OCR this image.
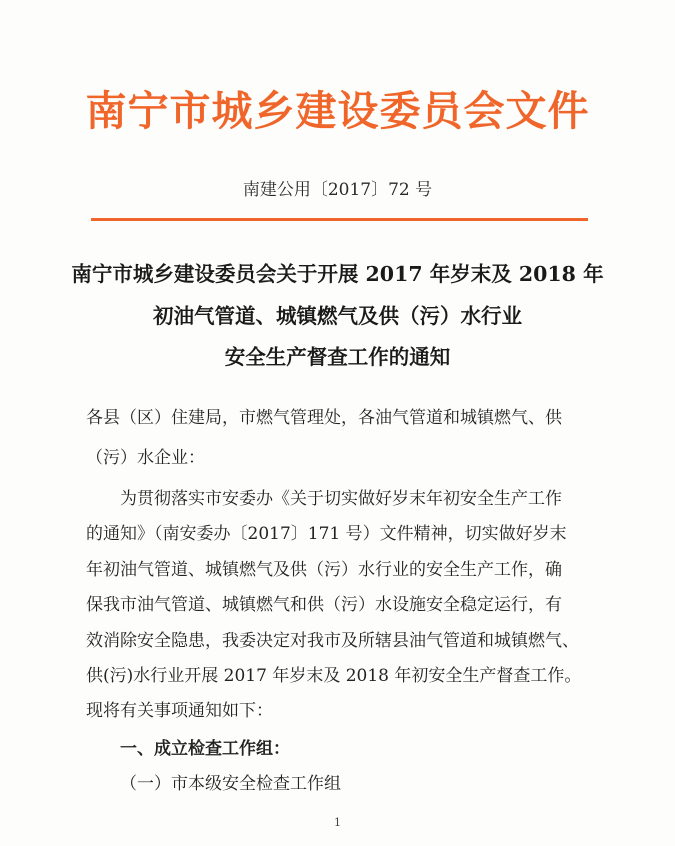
南宁市城乡建设委员会文件
南建公用〔2017〕72 号
南宁市城乡建设委员会关于开展 2017 年岁末及 2018 年
初油气管道、城镇燃气及供（污）水行业
安全生产督查工作的通知
各县（区）住建局，市燃气管理处，各油气管道和城镇燃气、供
（污）水企业：
为贯彻落实市安委办《关于切实做好岁末年初安全生产工作
的通知》（南安委办〔2017〕171 号）文件精神，切实做好岁末
年初油气管道、城镇燃气及供（污）水行业的安全生产工作，确
保我市油气管道、城镇燃气和供（污）水设施安全稳定运行，有
效消除安全隐患，我委决定对我市及所辖县油气管道和城镇燃气、
供(污)水行业开展 2017 年岁末及 2018 年初安全生产督查工作。
现将有关事项通知如下：
一、成立检查工作组：
（一）市本级安全检查工作组
1
